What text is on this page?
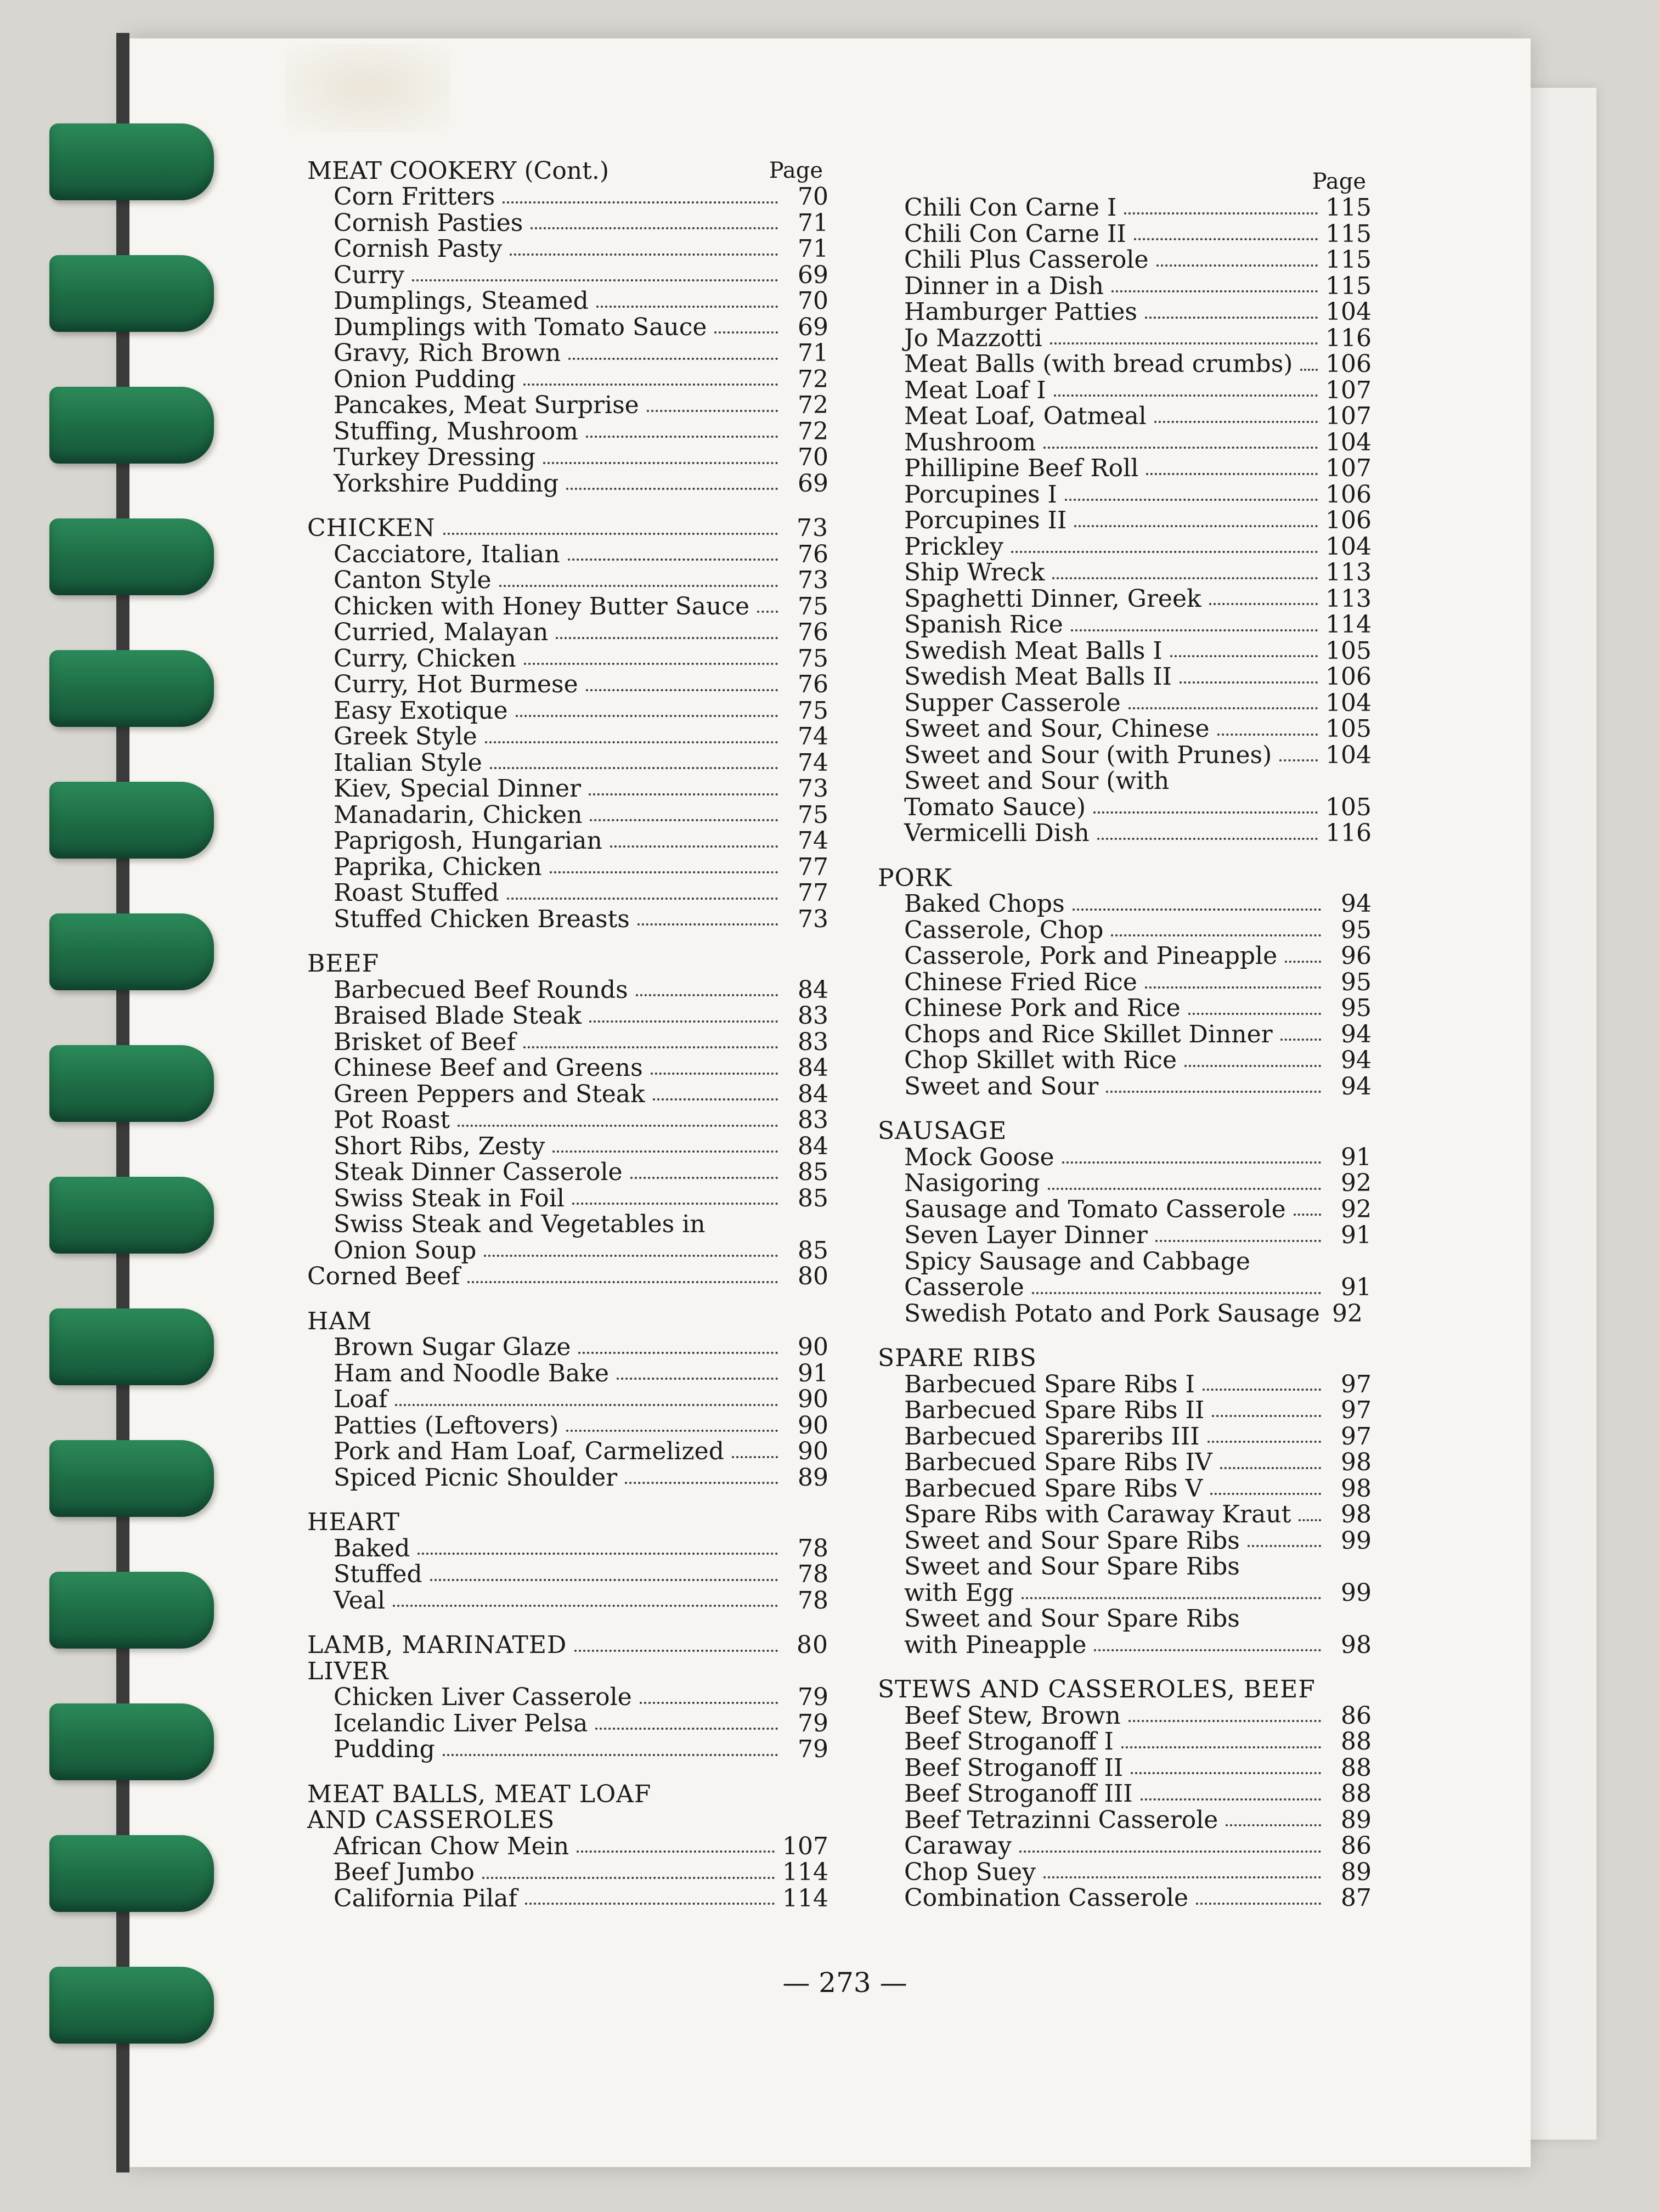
MEAT COOKERY (Cont.)	Page
Corn Fritters	70
Cornish Pasties	71
Cornish Pasty	71
Curry	69
Dumplings, Steamed	70
Dumplings with Tomato Sauce	69
Gravy, Rich Brown	71
Onion Pudding	72
Pancakes, Meat Surprise	72
Stuffing, Mushroom	72
Turkey Dressing	70
Yorkshire Pudding	69
CHICKEN	73
Cacciatore, Italian	76
Canton Style	73
Chicken with Honey Butter Sauce	75
Curried, Malayan	76
Curry, Chicken	75
Curry, Hot Burmese	76
Easy Exotique	75
Greek Style	74
Italian Style	74
Kiev, Special Dinner	73
Manadarin, Chicken	75
Paprigosh, Hungarian	74
Paprika, Chicken	77
Roast Stuffed	77
Stuffed Chicken Breasts	73
BEEF
Barbecued Beef Rounds	84
Braised Blade Steak	83
Brisket of Beef	83
Chinese Beef and Greens	84
Green Peppers and Steak	84
Pot Roast	83
Short Ribs, Zesty	84
Steak Dinner Casserole	85
Swiss Steak in Foil	85
Swiss Steak and Vegetables in
Onion Soup	85
Corned Beef	80
HAM
Brown Sugar Glaze	90
Ham and Noodle Bake	91
Loaf	90
Patties (Leftovers)	90
Pork and Ham Loaf, Carmelized	90
Spiced Picnic Shoulder	89
HEART
Baked	78
Stuffed	78
Veal	78
LAMB, MARINATED	80
LIVER
Chicken Liver Casserole	79
Icelandic Liver Pelsa	79
Pudding	79
MEAT BALLS, MEAT LOAF
AND CASSEROLES
African Chow Mein	107
Beef Jumbo	114
California Pilaf	114
Page
Chili Con Carne I	115
Chili Con Carne II	115
Chili Plus Casserole	115
Dinner in a Dish	115
Hamburger Patties	104
Jo Mazzotti	116
Meat Balls (with bread crumbs) 106
Meat Loaf I	107
Meat Loaf, Oatmeal	107
Mushroom	104
Phillipine Beef Roll	107
Porcupines I	106
Porcupines II	106
Prickley	104
Ship Wreck	113
Spaghetti Dinner, Greek	113
Spanish Rice	114
Swedish Meat Balls I	105
Swedish Meat Balls II	106
Supper Casserole	104
Sweet and Sour, Chinese	105
Sweet and Sour (with Prunes) 104
Sweet and Sour (with
Tomato Sauce)	105
Vermicelli Dish	116
PORK
Baked Chops	94
Casserole, Chop	95
Casserole, Pork and Pineapple	96
Chinese Fried Rice	95
Chinese Pork and Rice	95
Chops and Rice Skillet Dinner	94
Chop Skillet with Rice	94
Sweet and Sour	94
SAUSAGE
Mock Goose	91
Nasigoring	92
Sausage and Tomato Casserole	92
Seven Layer Dinner	91
Spicy Sausage and Cabbage
Casserole	91
Swedish Potato and Pork Sausage 92
SPARE RIBS
Barbecued Spare Ribs I	97
Barbecued Spare Ribs II	97
Barbecued Spareribs III	97
Barbecued Spare Ribs IV	98
Barbecued Spare Ribs V	98
Spare Ribs with Caraway Kraut	98
Sweet and Sour Spare Ribs	99
Sweet and Sour Spare Ribs
with Egg	99
Sweet and Sour Spare Ribs
with Pineapple	98
STEWS AND CASSEROLES, BEEF
Beef Stew, Brown	86
Beef Stroganoff I	88
Beef Stroganoff II	88
Beef Stroganoff III	88
Beef Tetrazinni Casserole	89
Caraway	86
Chop Suey	89
Combination Casserole	87
— 273 —
